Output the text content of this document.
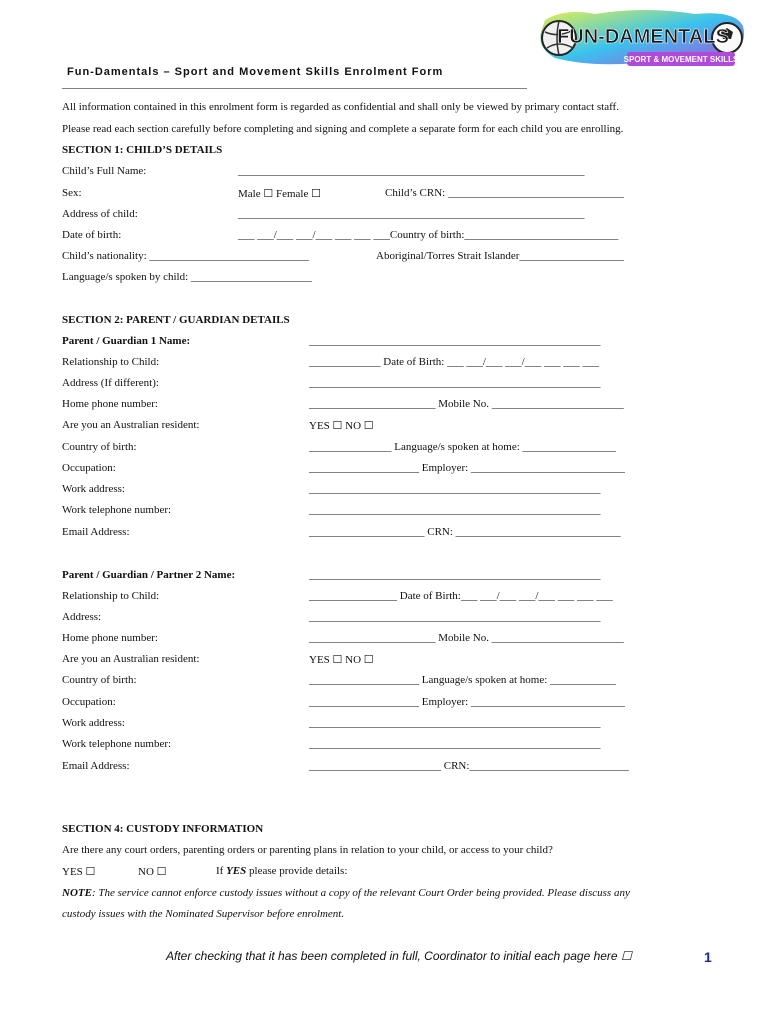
FUN-DAMENTALS
SPORT & MOVEMENT SKILLS
Fun-Damentals – Sport and Movement Skills Enrolment Form
_____________________________________________________________________________________________
All information contained in this enrolment form is regarded as confidential and shall only be viewed by primary contact staff.
Please read each section carefully before completing and signing and complete a separate form for each child you are enrolling.
SECTION 1: CHILD’S DETAILS
Child’s Full Name:	_______________________________________________________________
Sex:	Male ☐ Female ☐	Child’s CRN: ________________________________
Address of child:	_______________________________________________________________
Date of birth:	___ ___/___ ___/___ ___ ___ ___Country of birth:____________________________
Child’s nationality: _____________________________	Aboriginal/Torres Strait Islander___________________
Language/s spoken by child: ______________________
SECTION 2: PARENT / GUARDIAN DETAILS
Parent / Guardian 1 Name:	_____________________________________________________
Relationship to Child:	_____________ Date of Birth: ___ ___/___ ___/___ ___ ___ ___
Address (If different):	_____________________________________________________
Home phone number:	_______________________ Mobile No. ________________________
Are you an Australian resident:	YES ☐ NO ☐
Country of birth:	_______________ Language/s spoken at home: _________________
Occupation:	____________________ Employer: ____________________________
Work address:	_____________________________________________________
Work telephone number:	_____________________________________________________
Email Address:	_____________________ CRN: ______________________________
Parent / Guardian / Partner 2 Name:	_____________________________________________________
Relationship to Child:	________________ Date of Birth:___ ___/___ ___/___ ___ ___ ___
Address:	_____________________________________________________
Home phone number:	_______________________ Mobile No. ________________________
Are you an Australian resident:	YES ☐ NO ☐
Country of birth:	____________________ Language/s spoken at home: ____________
Occupation:	____________________ Employer: ____________________________
Work address:	_____________________________________________________
Work telephone number:	_____________________________________________________
Email Address:	________________________ CRN:_____________________________
SECTION 4: CUSTODY INFORMATION
Are there any court orders, parenting orders or parenting plans in relation to your child, or access to your child?
YES ☐	NO ☐	If YES please provide details:
NOTE: The service cannot enforce custody issues without a copy of the relevant Court Order being provided. Please discuss any
custody issues with the Nominated Supervisor before enrolment.
After checking that it has been completed in full, Coordinator to initial each page here ☐	1
